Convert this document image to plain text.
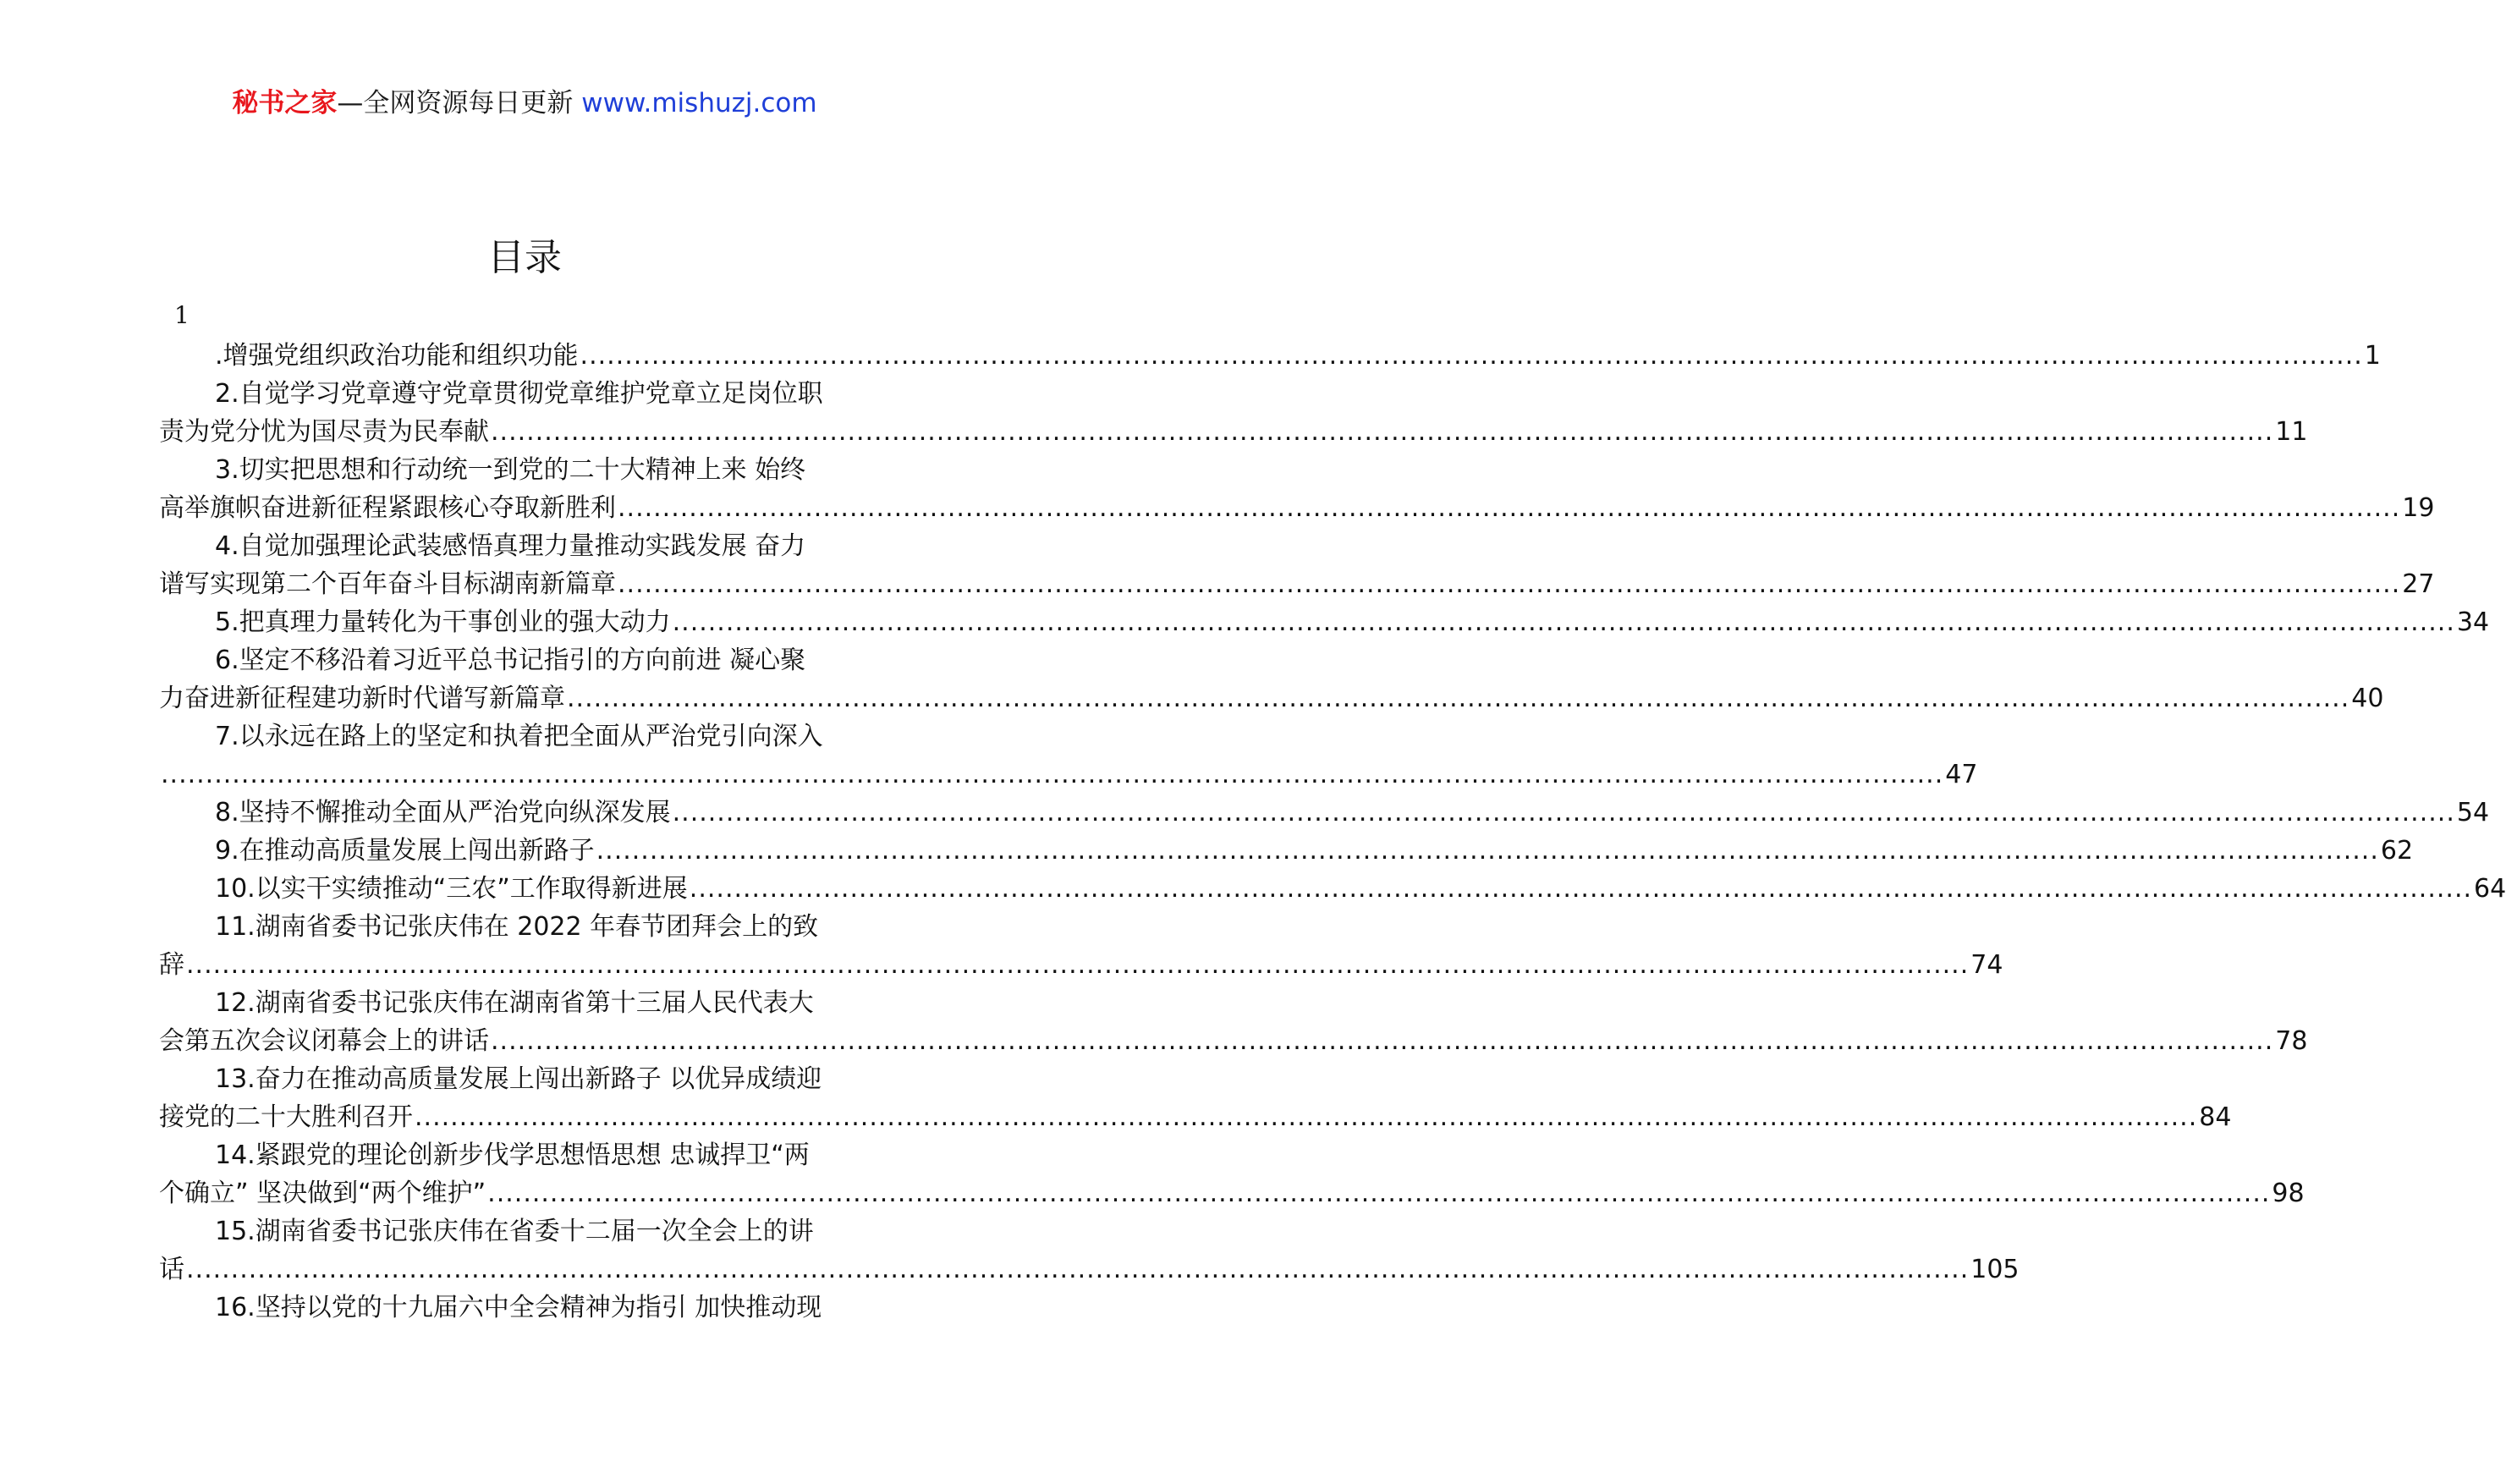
秘书之家—全网资源每日更新 www.mishuzj.com
目录
1
.增强党组织政治功能和组织功能 ........................................................................................................................................................................................................ 1
2.自觉学习党章遵守党章贯彻党章维护党章立足岗位职
责为党分忧为国尽责为民奉献 ........................................................................................................................................................................................................ 11
3.切实把思想和行动统一到党的二十大精神上来 始终
高举旗帜奋进新征程紧跟核心夺取新胜利 ........................................................................................................................................................................................................ 19
4.自觉加强理论武装感悟真理力量推动实践发展 奋力
谱写实现第二个百年奋斗目标湖南新篇章 ........................................................................................................................................................................................................ 27
5.把真理力量转化为干事创业的强大动力 ........................................................................................................................................................................................................ 34
6.坚定不移沿着习近平总书记指引的方向前进 凝心聚
力奋进新征程建功新时代谱写新篇章 ........................................................................................................................................................................................................ 40
7.以永远在路上的坚定和执着把全面从严治党引向深入
........................................................................................................................................................................................................ 47
8.坚持不懈推动全面从严治党向纵深发展 ........................................................................................................................................................................................................ 54
9.在推动高质量发展上闯出新路子 ........................................................................................................................................................................................................ 62
10.以实干实绩推动“三农”工作取得新进展 ........................................................................................................................................................................................................ 64
11.湖南省委书记张庆伟在 2022 年春节团拜会上的致
辞 ........................................................................................................................................................................................................ 74
12.湖南省委书记张庆伟在湖南省第十三届人民代表大
会第五次会议闭幕会上的讲话 ........................................................................................................................................................................................................ 78
13.奋力在推动高质量发展上闯出新路子 以优异成绩迎
接党的二十大胜利召开 ........................................................................................................................................................................................................ 84
14.紧跟党的理论创新步伐学思想悟思想 忠诚捍卫“两
个确立” 坚决做到“两个维护” ........................................................................................................................................................................................................ 98
15.湖南省委书记张庆伟在省委十二届一次全会上的讲
话 ........................................................................................................................................................................................................ 105
16.坚持以党的十九届六中全会精神为指引 加快推动现
